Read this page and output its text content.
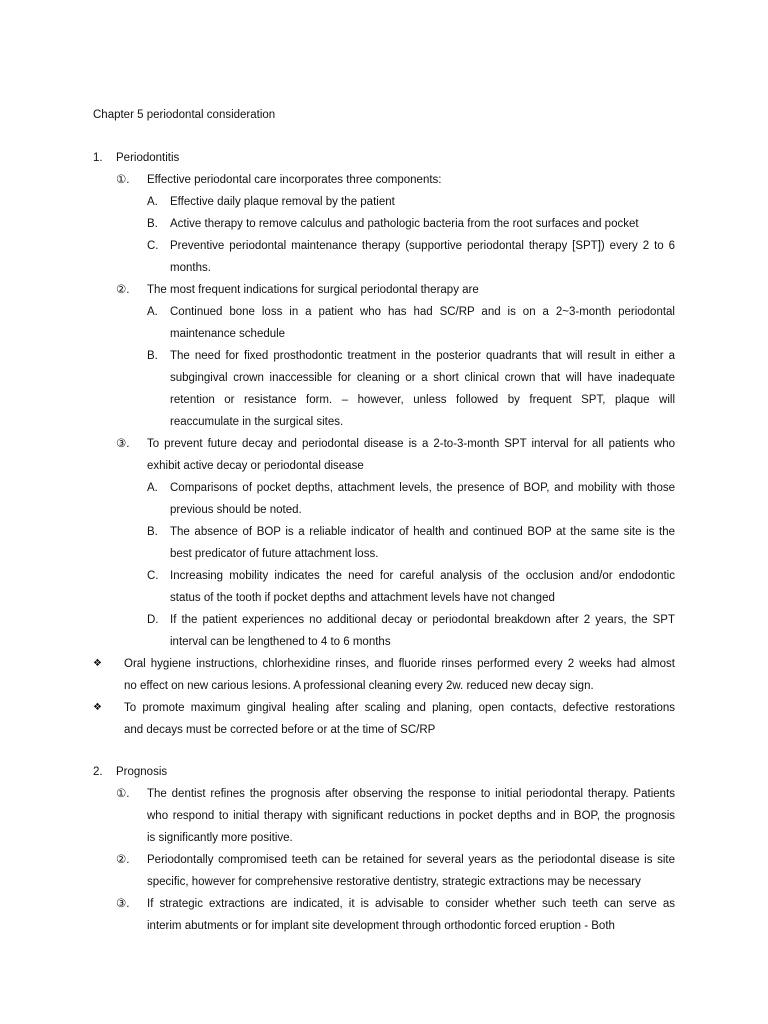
Chapter 5 periodontal consideration
1. Periodontitis
①. Effective periodontal care incorporates three components:
A. Effective daily plaque removal by the patient
B. Active therapy to remove calculus and pathologic bacteria from the root surfaces and pocket
C. Preventive periodontal maintenance therapy (supportive periodontal therapy [SPT]) every 2 to 6
months.
②. The most frequent indications for surgical periodontal therapy are
A. Continued bone loss in a patient who has had SC/RP and is on a 2~3-month periodontal
maintenance schedule
B. The need for fixed prosthodontic treatment in the posterior quadrants that will result in either a
subgingival crown inaccessible for cleaning or a short clinical crown that will have inadequate
retention or resistance form. – however, unless followed by frequent SPT, plaque will
reaccumulate in the surgical sites.
③. To prevent future decay and periodontal disease is a 2-to-3-month SPT interval for all patients who
exhibit active decay or periodontal disease
A. Comparisons of pocket depths, attachment levels, the presence of BOP, and mobility with those
previous should be noted.
B. The absence of BOP is a reliable indicator of health and continued BOP at the same site is the
best predicator of future attachment loss.
C. Increasing mobility indicates the need for careful analysis of the occlusion and/or endodontic
status of the tooth if pocket depths and attachment levels have not changed
D. If the patient experiences no additional decay or periodontal breakdown after 2 years, the SPT
interval can be lengthened to 4 to 6 months
❖ Oral hygiene instructions, chlorhexidine rinses, and fluoride rinses performed every 2 weeks had almost
no effect on new carious lesions. A professional cleaning every 2w. reduced new decay sign.
❖ To promote maximum gingival healing after scaling and planing, open contacts, defective restorations
and decays must be corrected before or at the time of SC/RP
2. Prognosis
①. The dentist refines the prognosis after observing the response to initial periodontal therapy. Patients
who respond to initial therapy with significant reductions in pocket depths and in BOP, the prognosis
is significantly more positive.
②. Periodontally compromised teeth can be retained for several years as the periodontal disease is site
specific, however for comprehensive restorative dentistry, strategic extractions may be necessary
③. If strategic extractions are indicated, it is advisable to consider whether such teeth can serve as
interim abutments or for implant site development through orthodontic forced eruption - Both
